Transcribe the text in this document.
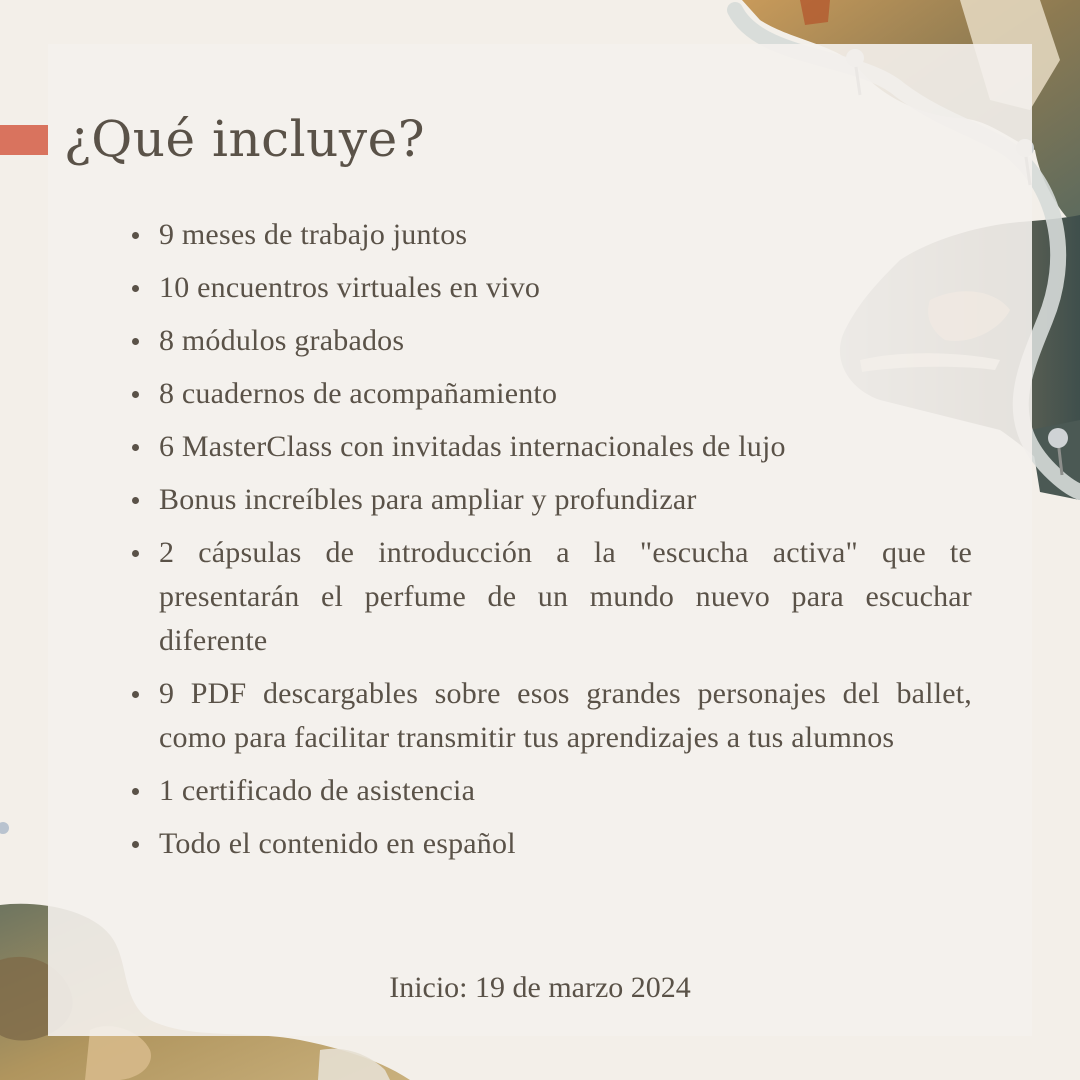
¿Qué incluye?
9 meses de trabajo juntos
10 encuentros virtuales en vivo
8 módulos grabados
8 cuadernos de acompañamiento
6 MasterClass con invitadas internacionales de lujo
Bonus increíbles para ampliar y profundizar
2 cápsulas de introducción a la "escucha activa" que te presentarán el perfume de un mundo nuevo para escuchar diferente
9 PDF descargables sobre esos grandes personajes del ballet, como para facilitar transmitir tus aprendizajes a tus alumnos
1 certificado de asistencia
Todo el contenido en español

Inicio: 19 de marzo 2024
